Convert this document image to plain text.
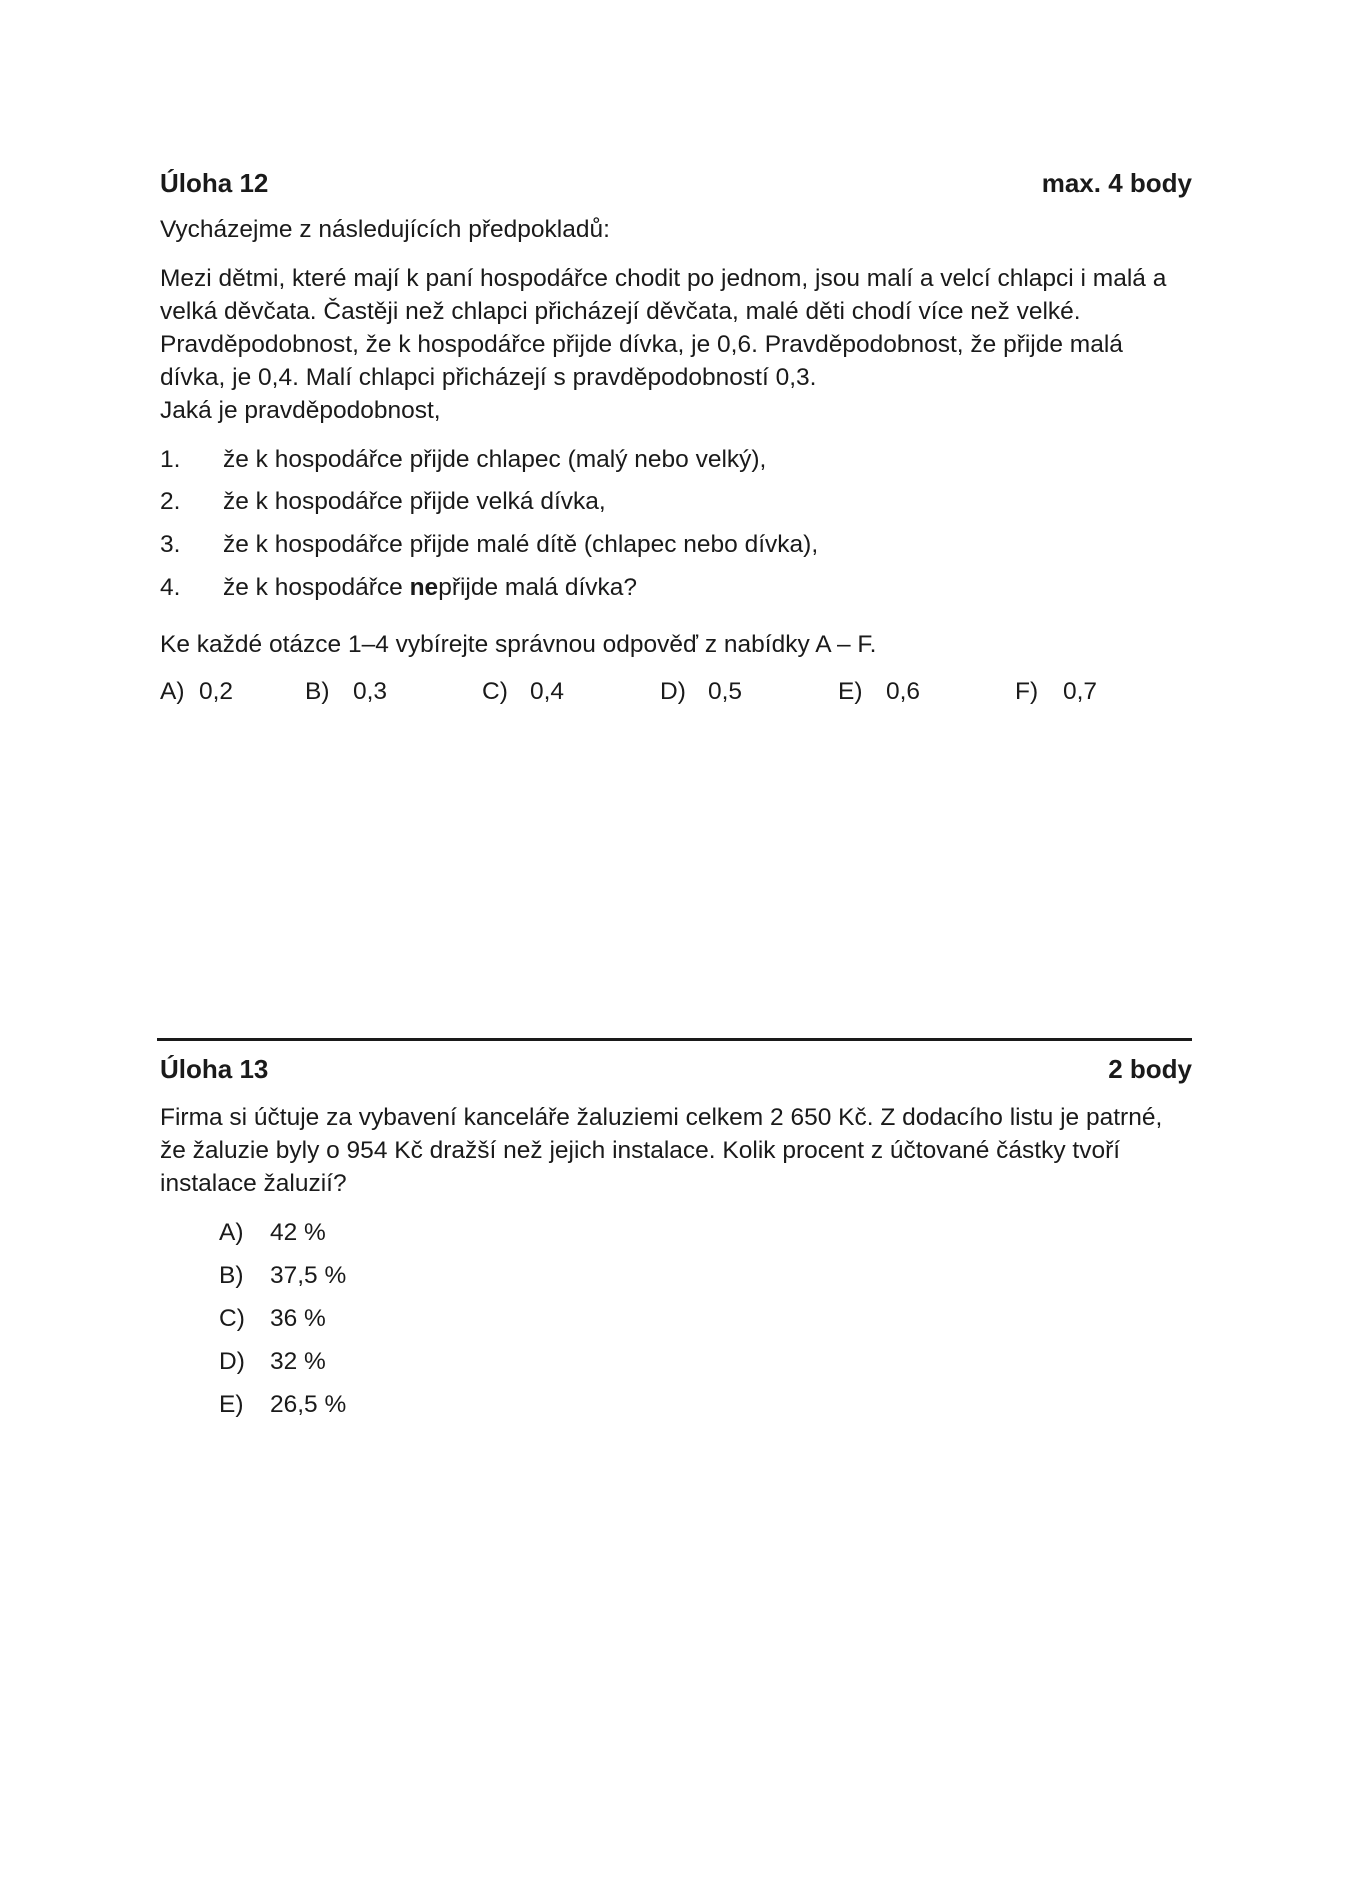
Úloha 12	max. 4 body
Vycházejme z následujících předpokladů:
Mezi dětmi, které mají k paní hospodářce chodit po jednom, jsou malí a velcí chlapci i malá a
velká děvčata. Častěji než chlapci přicházejí děvčata, malé děti chodí více než velké.
Pravděpodobnost, že k hospodářce přijde dívka, je 0,6. Pravděpodobnost, že přijde malá
dívka, je 0,4. Malí chlapci přicházejí s pravděpodobností 0,3.
Jaká je pravděpodobnost,
1. že k hospodářce přijde chlapec (malý nebo velký),
2. že k hospodářce přijde velká dívka,
3. že k hospodářce přijde malé dítě (chlapec nebo dívka),
4. že k hospodářce nepřijde malá dívka?
Ke každé otázce 1–4 vybírejte správnou odpověď z nabídky A – F.
A) 0,2	B) 0,3	C) 0,4	D) 0,5	E) 0,6	F) 0,7
Úloha 13	2 body
Firma si účtuje za vybavení kanceláře žaluziemi celkem 2 650 Kč. Z dodacího listu je patrné,
že žaluzie byly o 954 Kč dražší než jejich instalace. Kolik procent z účtované částky tvoří
instalace žaluzií?
A) 42 %
B) 37,5 %
C) 36 %
D) 32 %
E) 26,5 %
